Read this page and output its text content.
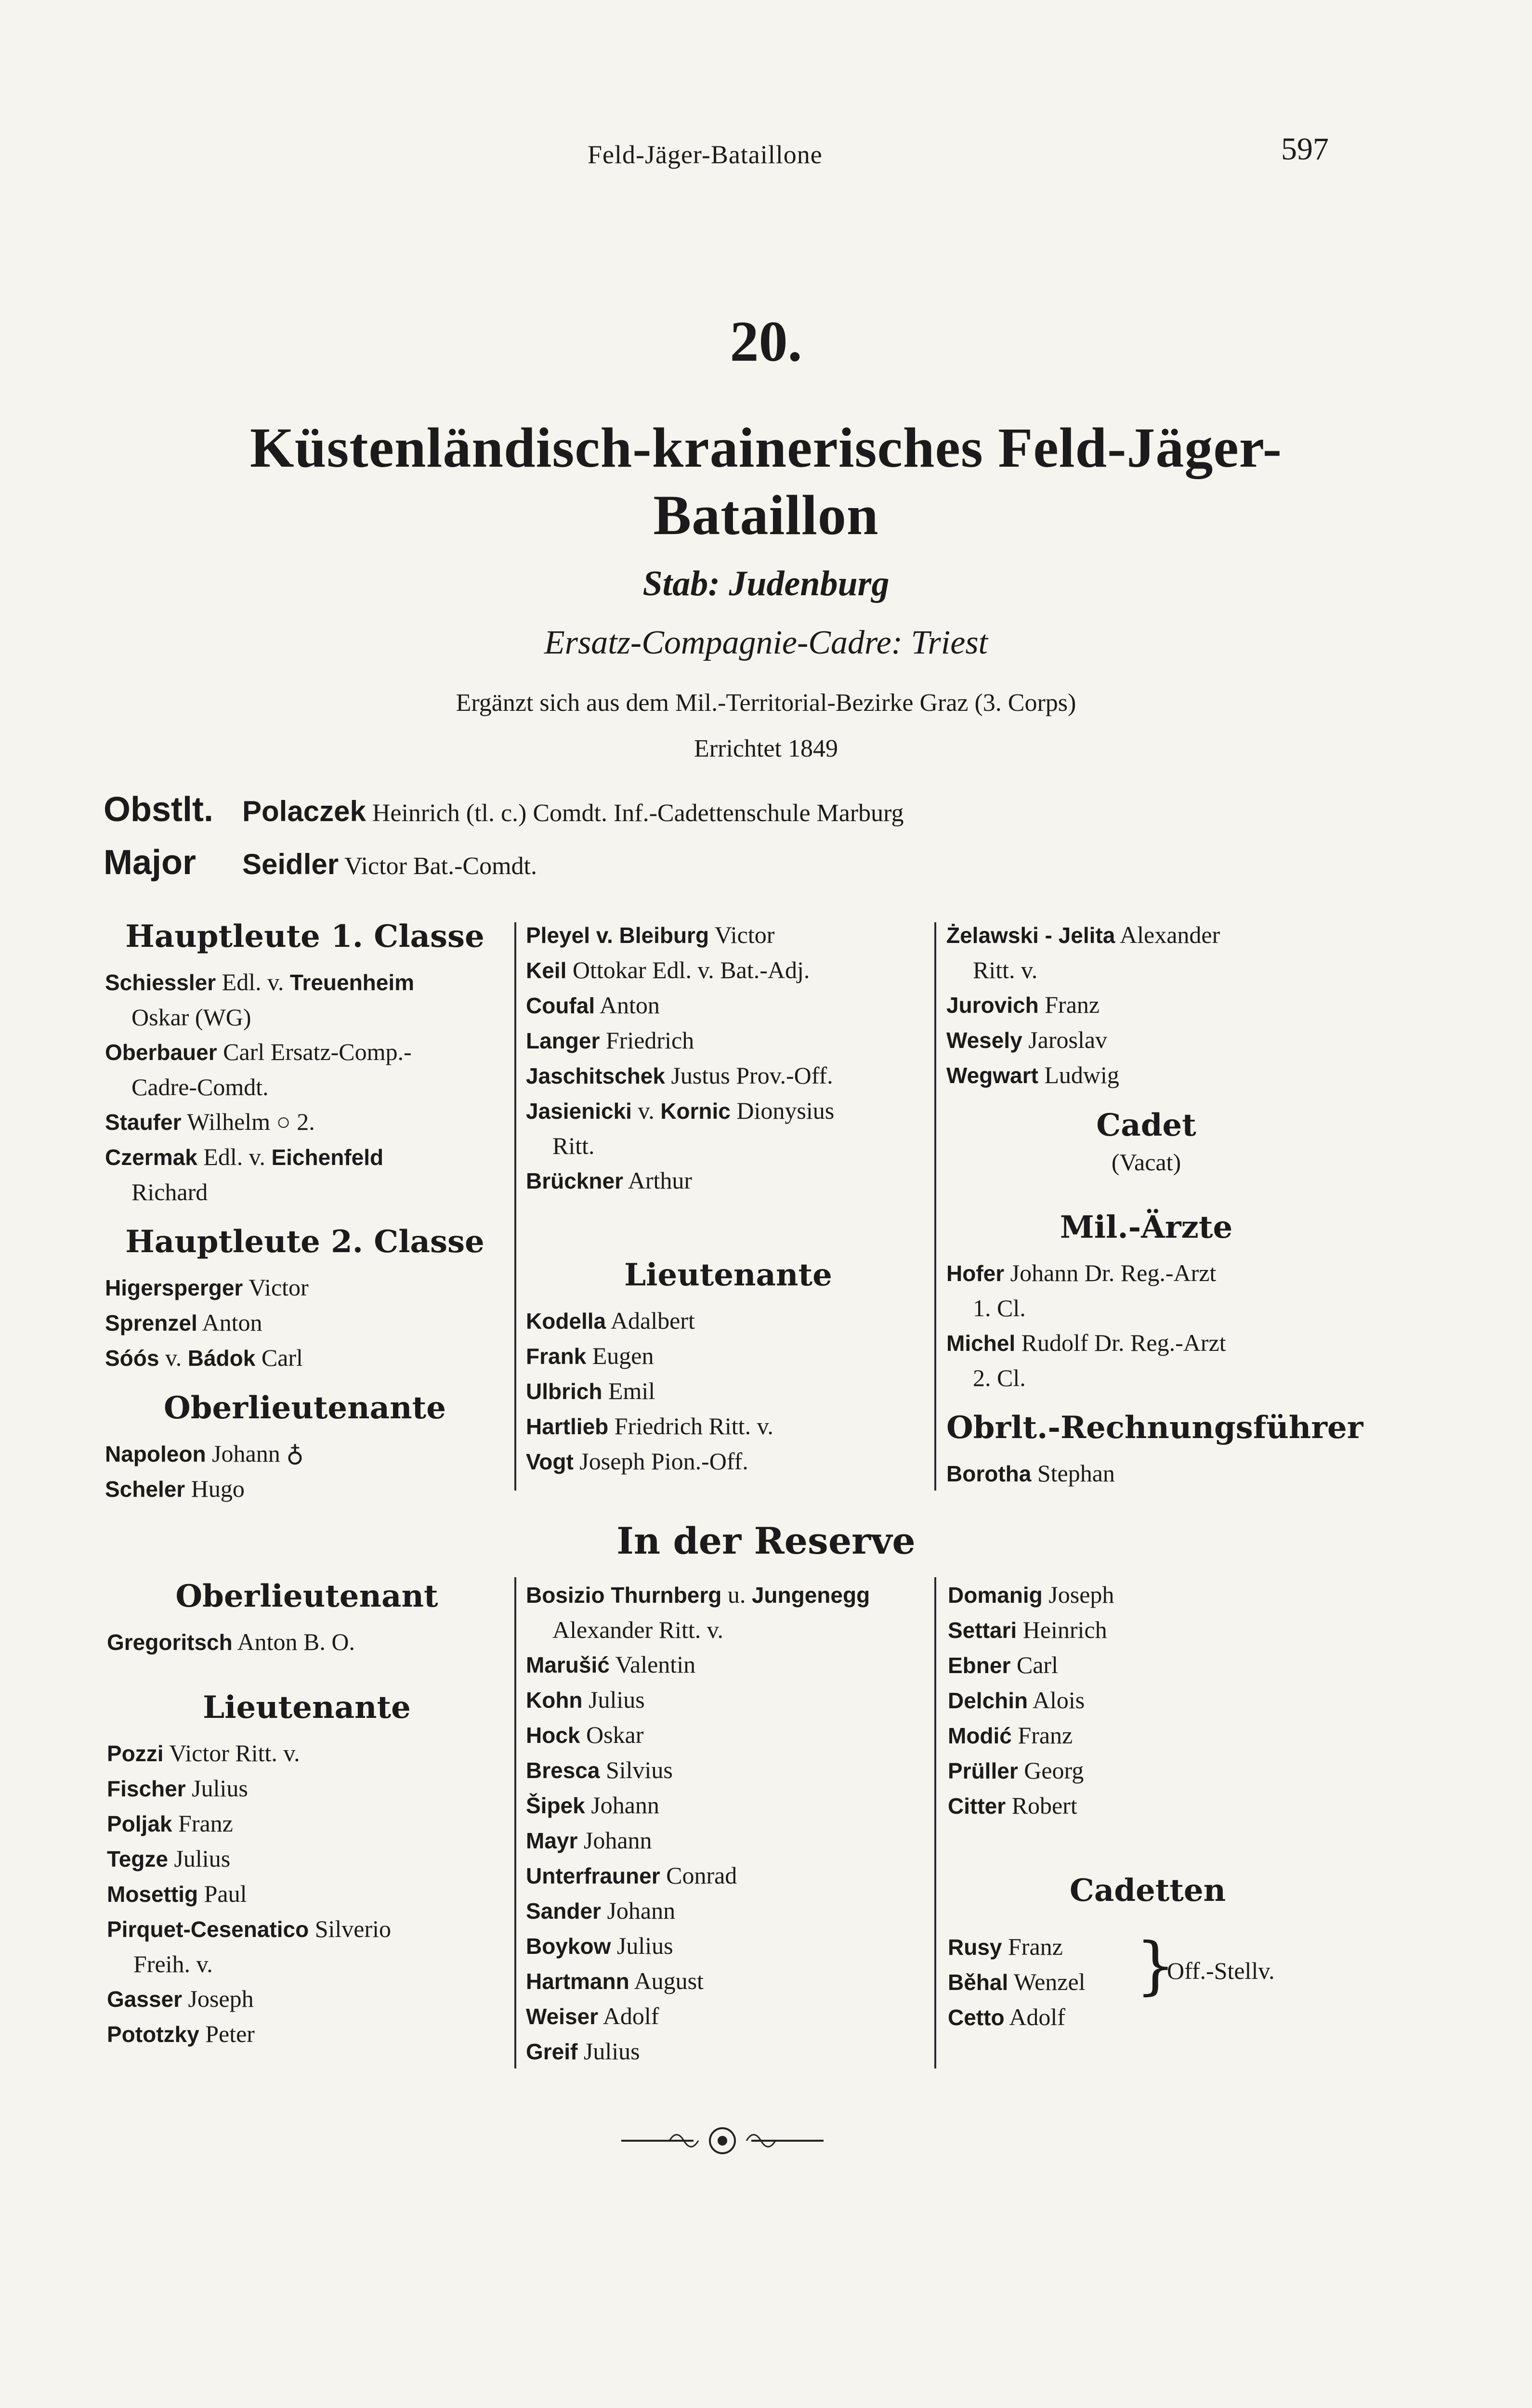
Feld-Jäger-Bataillone	597
20.
Küstenländisch-krainerisches Feld-Jäger-
Bataillon
Stab: Judenburg
Ersatz-Compagnie-Cadre: Triest
Ergänzt sich aus dem Mil.-Territorial-Bezirke Graz (3. Corps)
Errichtet 1849
Obstlt. Polaczek Heinrich (tl. c.) Comdt. Inf.-Cadettenschule Marburg
Major Seidler Victor Bat.-Comdt.
Hauptleute 1. Classe
Schiessler Edl. v. Treuenheim
Oskar (WG)
Oberbauer Carl Ersatz-Comp.-
Cadre-Comdt.
Staufer Wilhelm ○ 2.
Czermak Edl. v. Eichenfeld
Richard
Hauptleute 2. Classe
Higersperger Victor
Sprenzel Anton
Sóós v. Bádok Carl
Oberlieutenante
Napoleon Johann ♁
Scheler Hugo
Pleyel v. Bleiburg Victor
Keil Ottokar Edl. v. Bat.-Adj.
Coufal Anton
Langer Friedrich
Jaschitschek Justus Prov.-Off.
Jasienicki v. Kornic Dionysius
Ritt.
Brückner Arthur
Lieutenante
Kodella Adalbert
Frank Eugen
Ulbrich Emil
Hartlieb Friedrich Ritt. v.
Vogt Joseph Pion.-Off.
Żelawski - Jelita Alexander
Ritt. v.
Jurovich Franz
Wesely Jaroslav
Wegwart Ludwig
Cadet
(Vacat)
Mil.-Ärzte
Hofer Johann Dr. Reg.-Arzt
1. Cl.
Michel Rudolf Dr. Reg.-Arzt
2. Cl.
Obrlt.-Rechnungsführer
Borotha Stephan
In der Reserve
Oberlieutenant
Gregoritsch Anton B. O.
Lieutenante
Pozzi Victor Ritt. v.
Fischer Julius
Poljak Franz
Tegze Julius
Mosettig Paul
Pirquet-Cesenatico Silverio
Freih. v.
Gasser Joseph
Pototzky Peter
Bosizio Thurnberg u. Jungenegg
Alexander Ritt. v.
Marušić Valentin
Kohn Julius
Hock Oskar
Bresca Silvius
Šipek Johann
Mayr Johann
Unterfrauner Conrad
Sander Johann
Boykow Julius
Hartmann August
Weiser Adolf
Greif Julius
Domanig Joseph
Settari Heinrich
Ebner Carl
Delchin Alois
Modić Franz
Prüller Georg
Citter Robert
Cadetten
Rusy Franz
Běhal Wenzel }
Off.-Stellv.
Cetto Adolf
